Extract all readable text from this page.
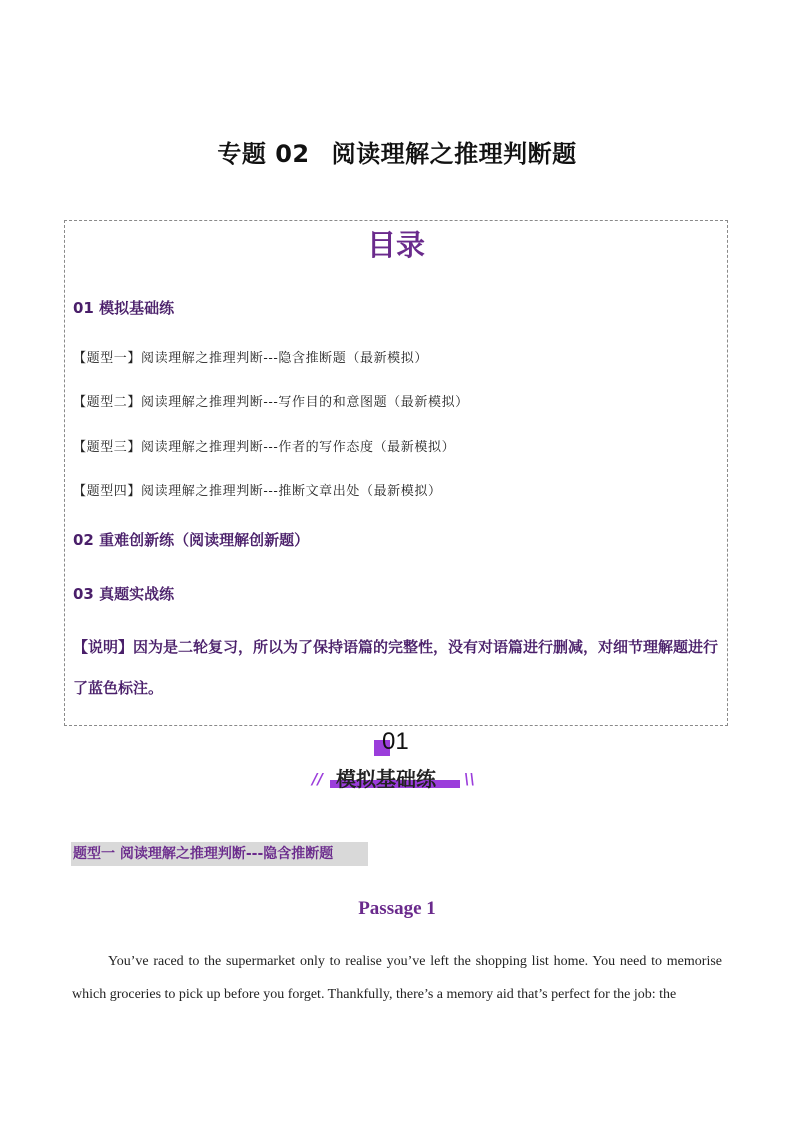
专题 02 阅读理解之推理判断题
目录
01 模拟基础练
【题型一】阅读理解之推理判断---隐含推断题（最新模拟）
【题型二】阅读理解之推理判断---写作目的和意图题（最新模拟）
【题型三】阅读理解之推理判断---作者的写作态度（最新模拟）
【题型四】阅读理解之推理判断---推断文章出处（最新模拟）
02 重难创新练（阅读理解创新题）
03 真题实战练
【说明】因为是二轮复习，所以为了保持语篇的完整性，没有对语篇进行删减，对细节理解题进行了蓝色标注。
01
// 模拟基础练 \\
题型一 阅读理解之推理判断---隐含推断题
Passage 1
You’ve raced to the supermarket only to realise you’ve left the shopping list home. You need to memorise which groceries to pick up before you forget. Thankfully, there’s a memory aid that’s perfect for the job: the
